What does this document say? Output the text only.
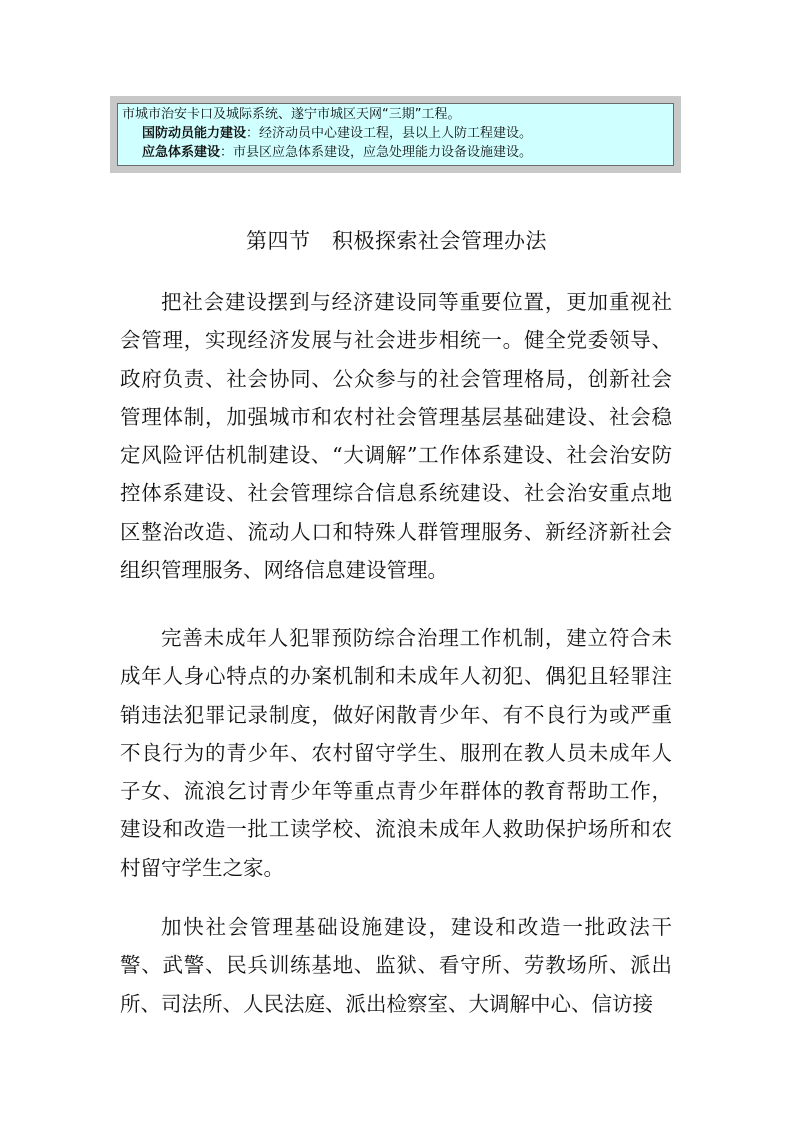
市城市治安卡口及城际系统、遂宁市城区天网“三期”工程。
国防动员能力建设：经济动员中心建设工程，县以上人防工程建设。
应急体系建设：市县区应急体系建设，应急处理能力设备设施建设。
第四节　积极探索社会管理办法

把社会建设摆到与经济建设同等重要位置，更加重视社会管理，实现经济发展与社会进步相统一。健全党委领导、政府负责、社会协同、公众参与的社会管理格局，创新社会管理体制，加强城市和农村社会管理基层基础建设、社会稳定风险评估机制建设、“大调解”工作体系建设、社会治安防控体系建设、社会管理综合信息系统建设、社会治安重点地区整治改造、流动人口和特殊人群管理服务、新经济新社会组织管理服务、网络信息建设管理。

完善未成年人犯罪预防综合治理工作机制，建立符合未成年人身心特点的办案机制和未成年人初犯、偶犯且轻罪注销违法犯罪记录制度，做好闲散青少年、有不良行为或严重不良行为的青少年、农村留守学生、服刑在教人员未成年人子女、流浪乞讨青少年等重点青少年群体的教育帮助工作，建设和改造一批工读学校、流浪未成年人救助保护场所和农村留守学生之家。

加快社会管理基础设施建设，建设和改造一批政法干警、武警、民兵训练基地、监狱、看守所、劳教场所、派出所、司法所、人民法庭、派出检察室、大调解中心、信访接
